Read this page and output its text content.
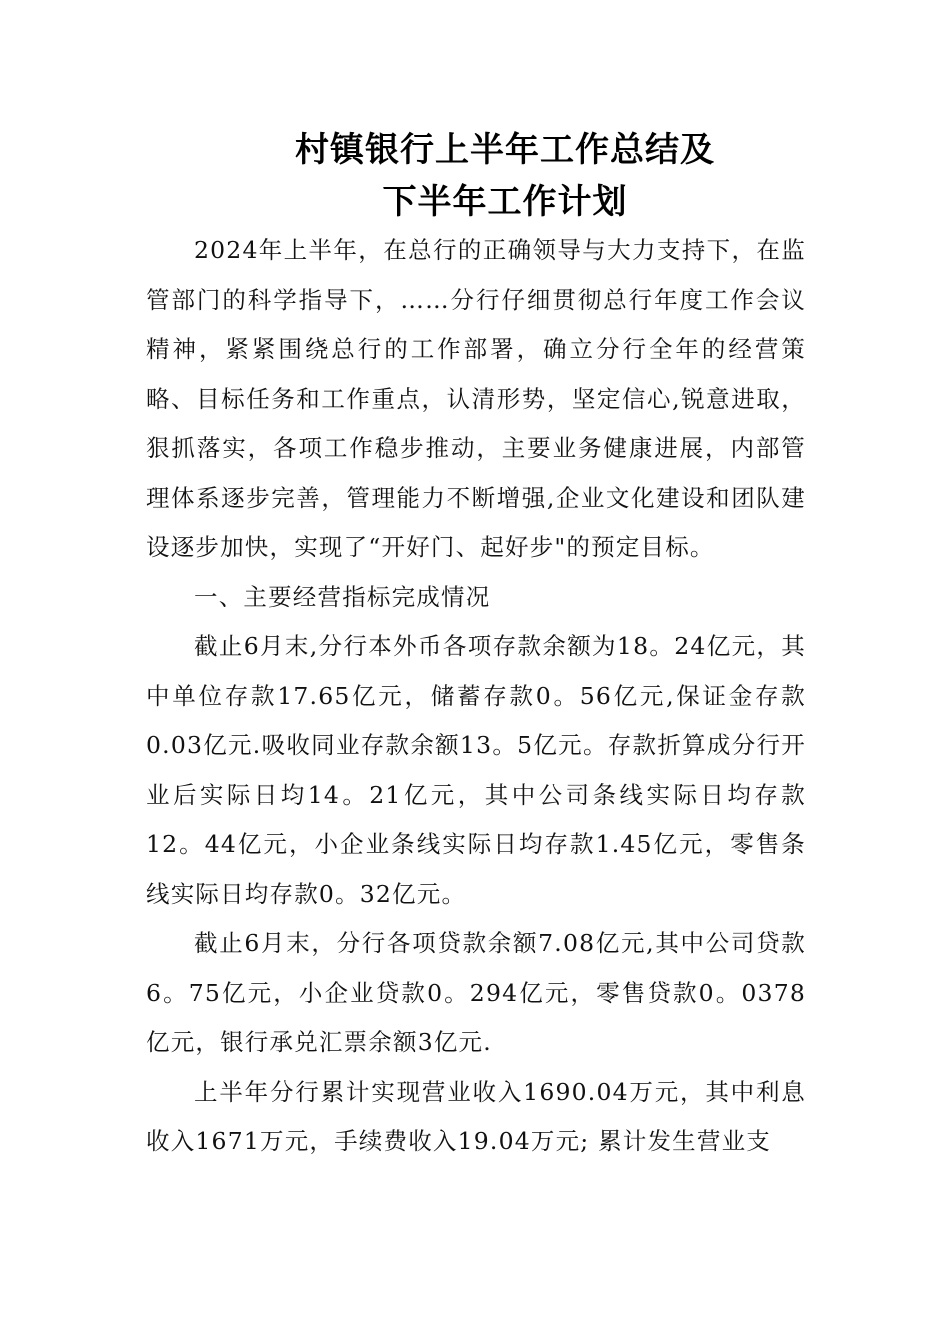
村镇银行上半年工作总结及
下半年工作计划

2024年上半年，在总行的正确领导与大力支持下，在监管部门的科学指导下，……分行仔细贯彻总行年度工作会议精神，紧紧围绕总行的工作部署，确立分行全年的经营策略、目标任务和工作重点，认清形势，坚定信心,锐意进取，狠抓落实，各项工作稳步推动，主要业务健康进展，内部管理体系逐步完善，管理能力不断增强,企业文化建设和团队建设逐步加快，实现了“开好门、起好步"的预定目标。

一、主要经营指标完成情况

截止6月末,分行本外币各项存款余额为18。24亿元，其中单位存款17.65亿元，储蓄存款0。56亿元,保证金存款0.03亿元.吸收同业存款余额13。5亿元。存款折算成分行开业后实际日均14。21亿元，其中公司条线实际日均存款12。44亿元，小企业条线实际日均存款1.45亿元，零售条线实际日均存款0。32亿元。

截止6月末，分行各项贷款余额7.08亿元,其中公司贷款6。75亿元，小企业贷款0。294亿元，零售贷款0。0378亿元，银行承兑汇票余额3亿元.

上半年分行累计实现营业收入1690.04万元，其中利息收入1671万元，手续费收入19.04万元; 累计发生营业支
